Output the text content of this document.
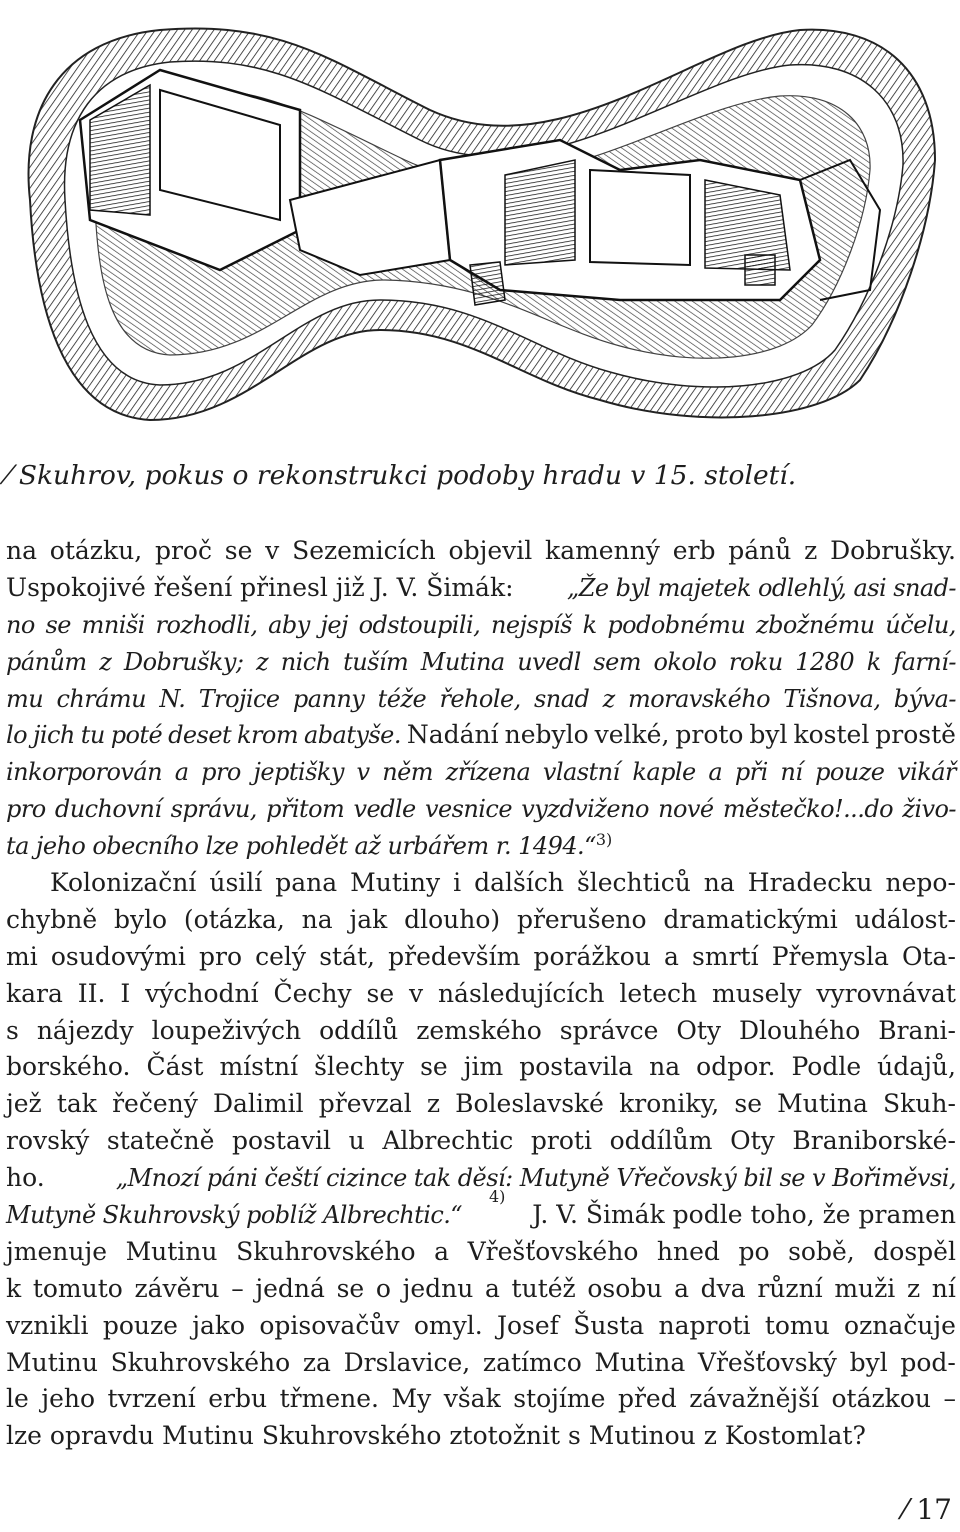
⁄ Skuhrov, pokus o rekonstrukci podoby hradu v 15. století.
na otázku, proč se v Sezemicích objevil kamenný erb pánů z Dobrušky.
Uspokojivé řešení přinesl již J. V. Šimák: „Že byl majetek odlehlý, asi snad-
no se mniši rozhodli, aby jej odstoupili, nejspíš k podobnému zbožnému účelu,
pánům z Dobrušky; z nich tuším Mutina uvedl sem okolo roku 1280 k farní-
mu chrámu N. Trojice panny téže řehole, snad z moravského Tišnova, býva-
lo jich tu poté deset krom abatyše. Nadání nebylo velké, proto byl kostel prostě
inkorporován a pro jeptišky v něm zřízena vlastní kaple a při ní pouze vikář
pro duchovní správu, přitom vedle vesnice vyzdviženo nové městečko!...do živo-
ta jeho obecního lze pohledět až urbářem r. 1494.“$^{3)}$
Kolonizační úsilí pana Mutiny i dalších šlechticů na Hradecku nepo-
chybně bylo (otázka, na jak dlouho) přerušeno dramatickými událost-
mi osudovými pro celý stát, především porážkou a smrtí Přemysla Ota-
kara II. I východní Čechy se v následujících letech musely vyrovnávat
s nájezdy loupeživých oddílů zemského správce Oty Dlouhého Brani-
borského. Část místní šlechty se jim postavila na odpor. Podle údajů,
jež tak řečený Dalimil převzal z Boleslavské kroniky, se Mutina Skuh-
rovský statečně postavil u Albrechtic proti oddílům Oty Braniborské-
ho.	„Mnozí páni čeští cizince tak děsí: Mutyně Vřečovský bil se v Bořiměvsi,
Mutyně Skuhrovský poblíž Albrechtic.“
4)
J. V. Šimák podle toho, že pramen
jmenuje Mutinu Skuhrovského a Vřešťovského hned po sobě, dospěl
k tomuto závěru – jedná se o jednu a tutéž osobu a dva různí muži z ní
vznikli pouze jako opisovačův omyl. Josef Šusta naproti tomu označuje
Mutinu Skuhrovského za Drslavice, zatímco Mutina Vřešťovský byl pod-
le jeho tvrzení erbu třmene. My však stojíme před závažnější otázkou –
lze opravdu Mutinu Skuhrovského ztotožnit s Mutinou z Kostomlat?
⁄ 17
